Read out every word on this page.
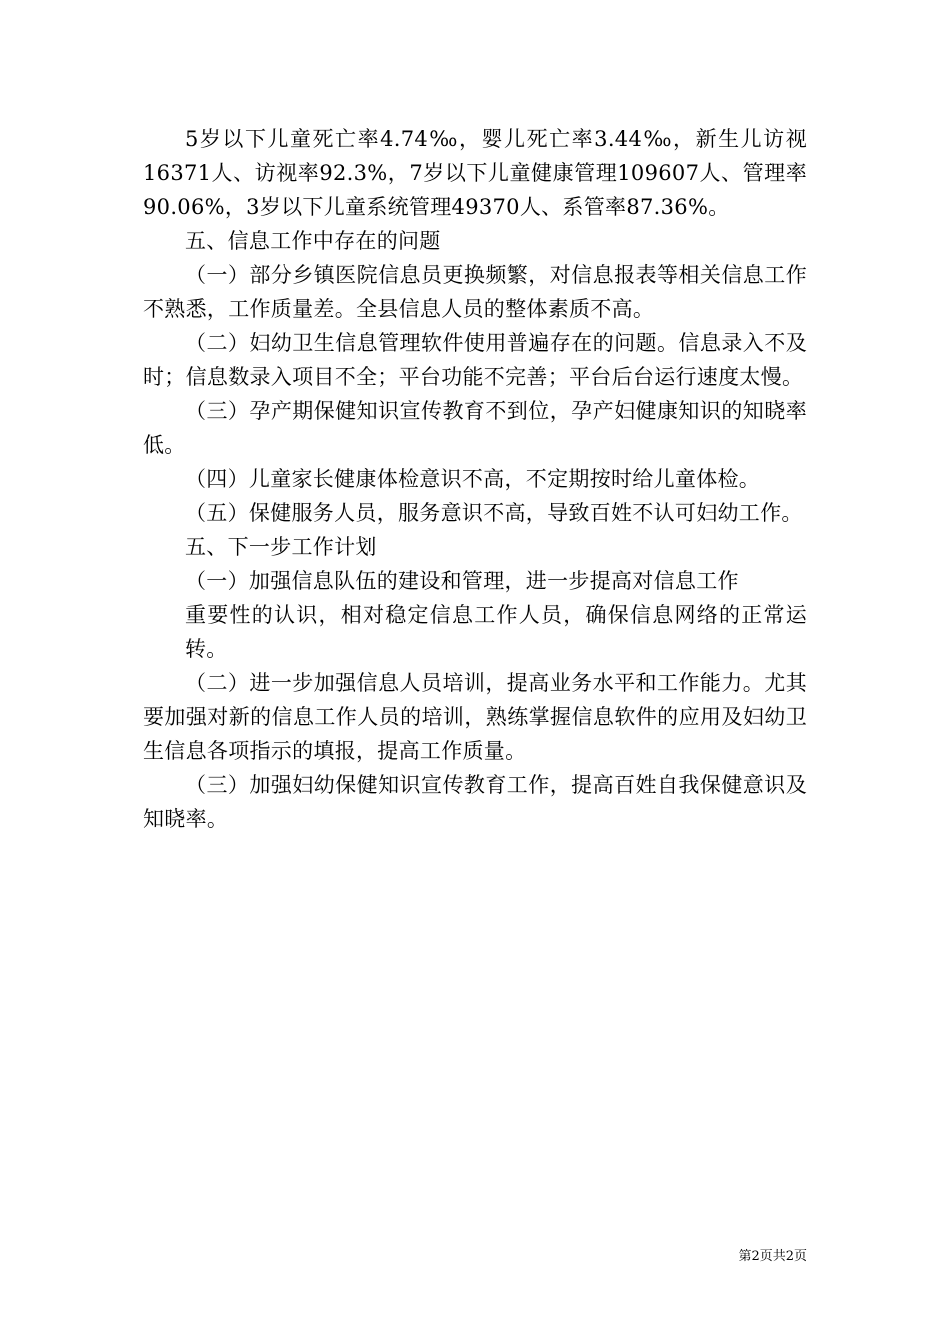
5岁以下儿童死亡率4.74‰，婴儿死亡率3.44‰，新生儿访视16371人、访视率92.3%，7岁以下儿童健康管理109607人、管理率90.06%，3岁以下儿童系统管理49370人、系管率87.36%。

五、信息工作中存在的问题

（一）部分乡镇医院信息员更换频繁，对信息报表等相关信息工作不熟悉，工作质量差。全县信息人员的整体素质不高。

（二）妇幼卫生信息管理软件使用普遍存在的问题。信息录入不及时；信息数录入项目不全；平台功能不完善；平台后台运行速度太慢。

（三）孕产期保健知识宣传教育不到位，孕产妇健康知识的知晓率低。

（四）儿童家长健康体检意识不高，不定期按时给儿童体检。

（五）保健服务人员，服务意识不高，导致百姓不认可妇幼工作。

五、下一步工作计划

（一）加强信息队伍的建设和管理，进一步提高对信息工作

重要性的认识，相对稳定信息工作人员，确保信息网络的正常运转。

（二）进一步加强信息人员培训，提高业务水平和工作能力。尤其要加强对新的信息工作人员的培训，熟练掌握信息软件的应用及妇幼卫生信息各项指示的填报，提高工作质量。

（三）加强妇幼保健知识宣传教育工作，提高百姓自我保健意识及知晓率。

第2页共2页
